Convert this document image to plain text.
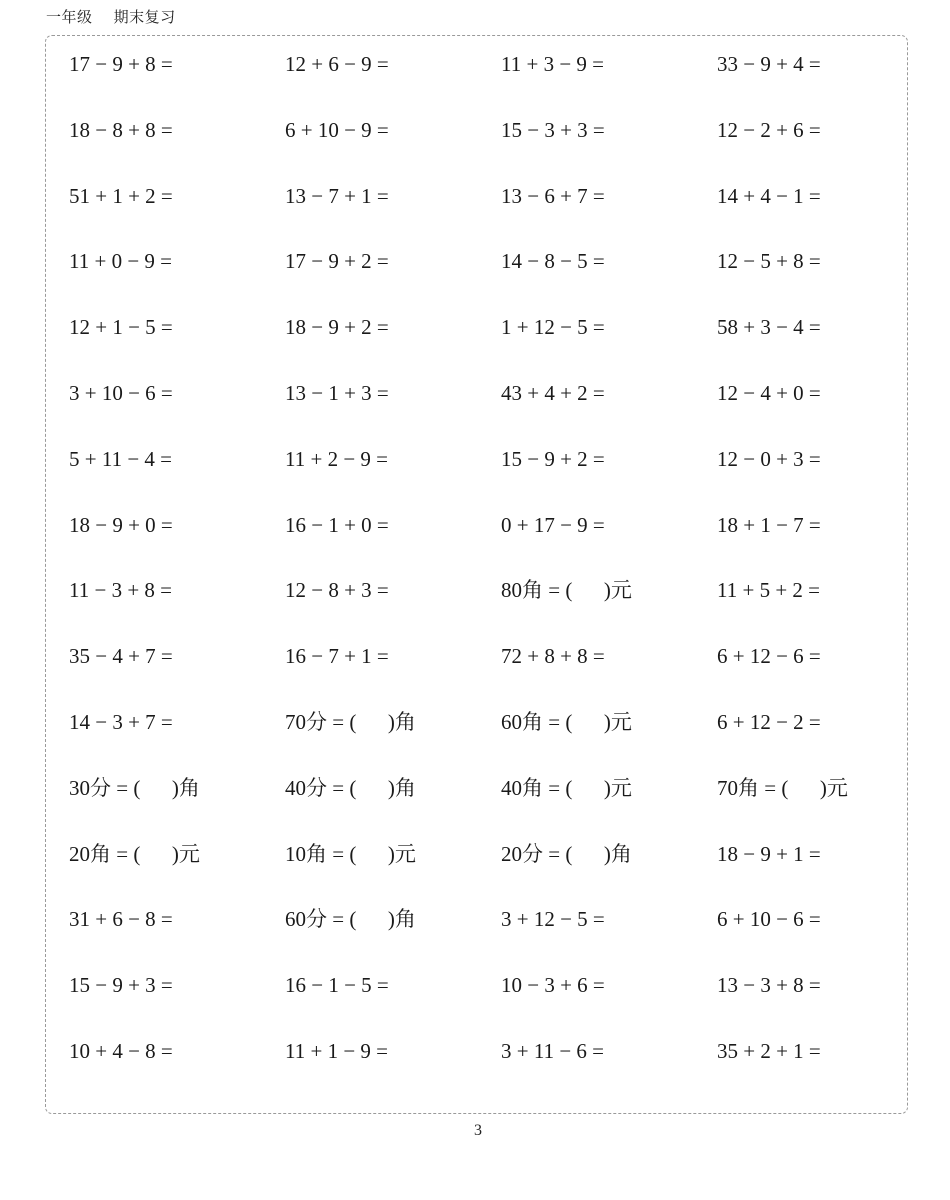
一年级 期末复习
17 − 9 + 8 =	12 + 6 − 9 =	11 + 3 − 9 =	33 − 9 + 4 =
18 − 8 + 8 =	6 + 10 − 9 =	15 − 3 + 3 =	12 − 2 + 6 =
51 + 1 + 2 =	13 − 7 + 1 =	13 − 6 + 7 =	14 + 4 − 1 =
11 + 0 − 9 =	17 − 9 + 2 =	14 − 8 − 5 =	12 − 5 + 8 =
12 + 1 − 5 =	18 − 9 + 2 =	1 + 12 − 5 =	58 + 3 − 4 =
3 + 10 − 6 =	13 − 1 + 3 =	43 + 4 + 2 =	12 − 4 + 0 =
5 + 11 − 4 =	11 + 2 − 9 =	15 − 9 + 2 =	12 − 0 + 3 =
18 − 9 + 0 =	16 − 1 + 0 =	0 + 17 − 9 =	18 + 1 − 7 =
11 − 3 + 8 =	12 − 8 + 3 =	80角 = (      )元	11 + 5 + 2 =
35 − 4 + 7 =	16 − 7 + 1 =	72 + 8 + 8 =	6 + 12 − 6 =
14 − 3 + 7 =	70分 = (      )角	60角 = (      )元	6 + 12 − 2 =
30分 = (      )角	40分 = (      )角	40角 = (      )元	70角 = (      )元
20角 = (      )元	10角 = (      )元	20分 = (      )角	18 − 9 + 1 =
31 + 6 − 8 =	60分 = (      )角	3 + 12 − 5 =	6 + 10 − 6 =
15 − 9 + 3 =	16 − 1 − 5 =	10 − 3 + 6 =	13 − 3 + 8 =
10 + 4 − 8 =	11 + 1 − 9 =	3 + 11 − 6 =	35 + 2 + 1 =
3
